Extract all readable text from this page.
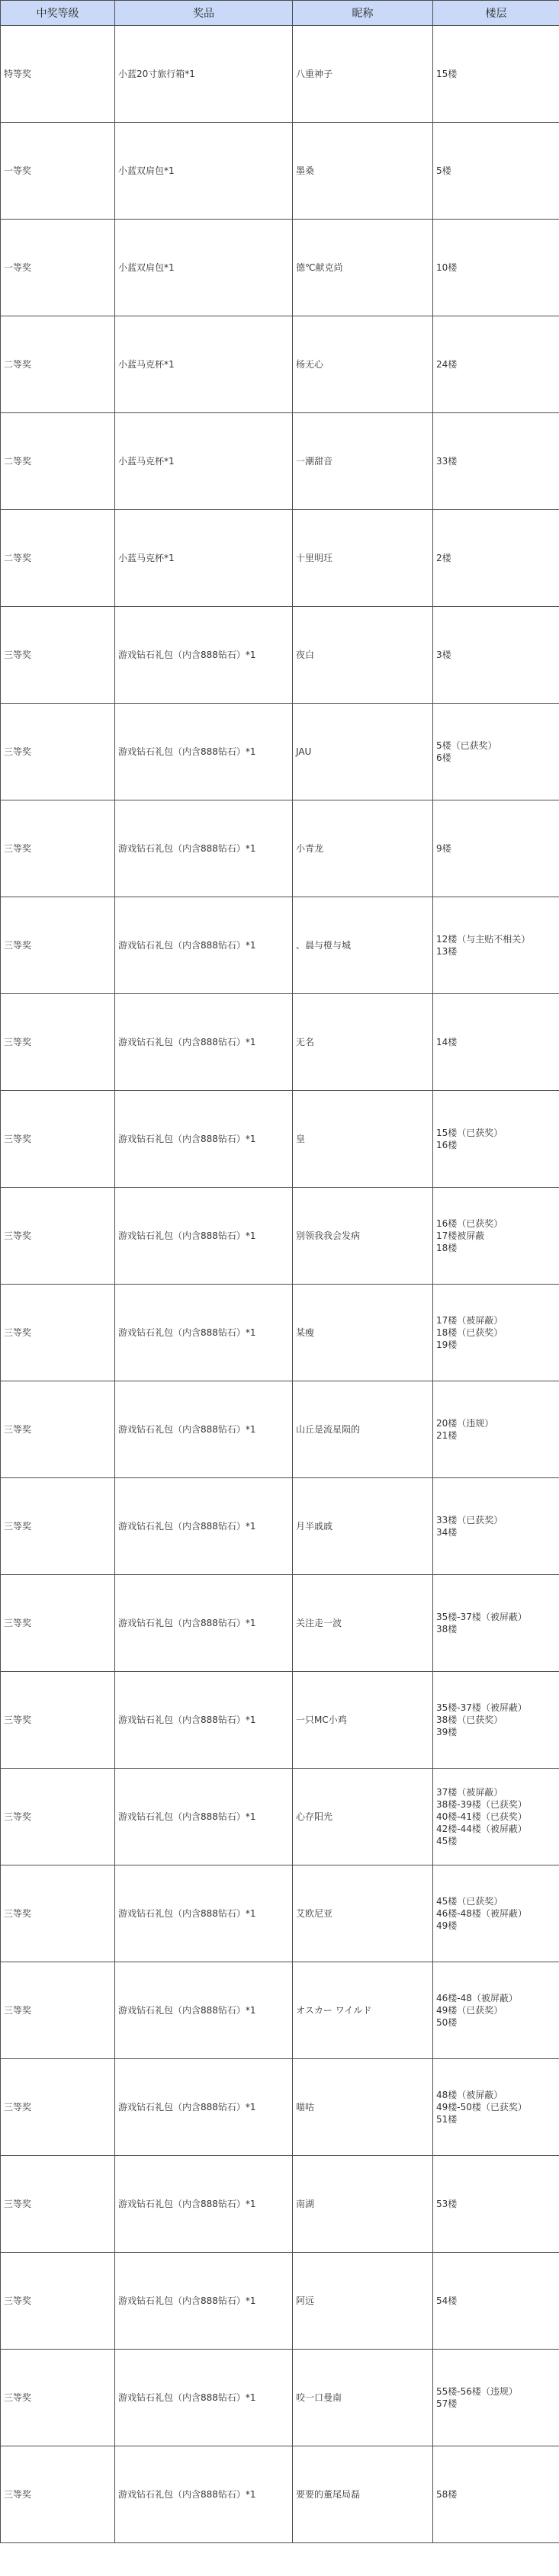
中奖等级	奖品	昵称	楼层
特等奖	小蓝20寸旅行箱*1	八重神子	15楼

一等奖	小蓝双肩包*1	墨桑	5楼

一等奖	小蓝双肩包*1	德℃献克尚	10楼

二等奖	小蓝马克杯*1	杨无心	24楼

二等奖	小蓝马克杯*1	一潮甜音	33楼

二等奖	小蓝马克杯*1	十里明玨	2楼

三等奖	游戏钻石礼包（内含888钻石）*1	夜白	3楼

三等奖	游戏钻石礼包（内含888钻石）*1	JAU	5楼（已获奖）
6楼

三等奖	游戏钻石礼包（内含888钻石）*1	小青龙	9楼

三等奖	游戏钻石礼包（内含888钻石）*1	、晨与橙与城	12楼（与主贴不相关）
13楼

三等奖	游戏钻石礼包（内含888钻石）*1	无名	14楼

三等奖	游戏钻石礼包（内含888钻石）*1	皇	15楼（已获奖）
16楼

三等奖	游戏钻石礼包（内含888钻石）*1	别领我我会发病	16楼（已获奖）
17楼被屏蔽
18楼

三等奖	游戏钻石礼包（内含888钻石）*1	某瘦	17楼（被屏蔽）
18楼（已获奖）
19楼

三等奖	游戏钻石礼包（内含888钻石）*1	山丘是流星陨的	20楼（违规）
21楼

三等奖	游戏钻石礼包（内含888钻石）*1	月半戚戚	33楼（已获奖）
34楼

三等奖	游戏钻石礼包（内含888钻石）*1	关注走一波	35楼-37楼（被屏蔽）
38楼

三等奖	游戏钻石礼包（内含888钻石）*1	一只MC小鸡	35楼-37楼（被屏蔽）
38楼（已获奖）
39楼

三等奖	游戏钻石礼包（内含888钻石）*1	心存阳光	37楼（被屏蔽）
38楼-39楼（已获奖）
40楼-41楼（已获奖）
42楼-44楼（被屏蔽）
45楼

三等奖	游戏钻石礼包（内含888钻石）*1	艾欧尼亚	45楼（已获奖）
46楼-48楼（被屏蔽）
49楼

三等奖	游戏钻石礼包（内含888钻石）*1	オスカー ワイルド	46楼-48（被屏蔽）
49楼（已获奖）
50楼

三等奖	游戏钻石礼包（内含888钻石）*1	喵咕	48楼（被屏蔽）
49楼-50楼（已获奖）
51楼

三等奖	游戏钻石礼包（内含888钻石）*1	南湖	53楼

三等奖	游戏钻石礼包（内含888钻石）*1	阿远	54楼

三等奖	游戏钻石礼包（内含888钻石）*1	咬一口曼南	55楼-56楼（违规）
57楼

三等奖	游戏钻石礼包（内含888钻石）*1	要要的董尾局磊	58楼
